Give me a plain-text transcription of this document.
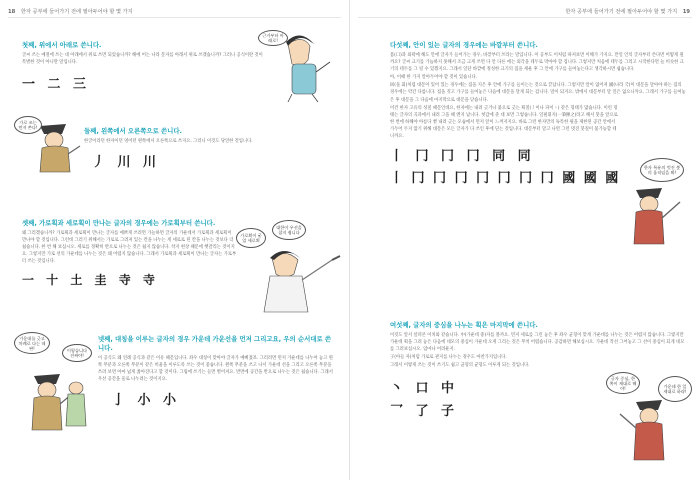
18 한자 공부에 들어가기 전에 필아두어야 할 몇 가지
첫째, 위에서 아래로 쓴니다.
글씨 쓰는 예절에 쓰는 대 아래에서 위로 쓰면 되었습니까? 해에 어는 나라 문자를 아래서 위로 쓰겠습니까? 그러니 공식이란 것이 특별한 것이 아니란 말입니다.
一 二 三
근거부터 아래로!
가로 쓰는 먼저 쓴다!	둘째, 왼쪽에서 오른쪽으로 쓴니다.
한글이라던 한자이던 영어던 왼쪽에서 오른쪽으로 쓰지요. 그러니 이것도 당연한 것입니다.
丿 川 川
셋째, 가로획과 세로획이 만나는 글자의 경우에는 가로획부터 쓴니다.
왜 그러겠습니까? 가로획과 세로획이 만나는 글자를 예쁘게 쓰려면 가늘하면 글자의 가운데서 가로획과 세로획이 만나야 할 것입니다. 그런데 그러기 위해서는 가로로 그려져 있는 칸을 나누는 게 세로로 된 칸을 나누는 것보다 더 쉽습니다. 한 번 해 보십시오. 세로를 정확히 반으로 나누는 것은 쉽지 않습니다. 착지 현상 때문에 헷갈리는 것이지요. 그렇지만 가로 선의 가운데를 나누는 것은 꽤 어렵지 않습니다. 그래서 가로획과 세로획이 만나는 글자는 가로부터 쓰는 것입니다.
一 十 土 圭 寺 寺
가로획이 굳었 세로획
대한이 우선을 잡지 쉽니다
가운데를 긋고 차례로 다는 데판!	이렇습니다 진짜야!
넷째, 대칭을 이루는 글자의 경우 가운데 가운선을 먼저 그리고요, 우의 순서대로 쓴니다.
이 공식도 왜 연례 공식과 같은 이유 때문입니다. 좌우 대칭이 맞아야 글자가 예뻐졌죠. 그러려면 먼저 가운데를 나누어 놓고 왼쪽 무분과 오른쪽 무분이 같은 비율을 이루도록 쓰는 것이 좋습니다. 왼쪽 무분을 쓰고 나서 가운데 선을 그리고 오른쪽 무분을 쓰려 보면 아마 넓게 좁아진다고 할 것이다. 그림에 쓰기는 들면 별어져요. 반면에 공간을 반으로 나누는 것은 쉽습니다. 그래서 우선 공간을 둘로 나누려는 것이지요.
亅 小 小
한자 공부에 들어가기 전에 필아두어야 할 몇 가지 19
다섯째, 안이 있는 글자의 경우에는 바깥부터 쓴니다.
몸(口)과 외곽에 해도 안에 글자가 들어가는 경우, 바깥부터 쓰라는 말입니다. 이 공부도 이처럼 따져보면 이해가 가지요. 만일 안의 글자부터 쓴다면 어떻게 될까요? 글씨 크기를 가늠하지 못해서 조금 크게 쓰면 다 안 다른 에는 외각을 테두로 막아야 할 겁니다. 그렇지만 처음에 테두를 그리고 시작한다면 늘 비슷한 크기의 테두를 그 릴 수 있겠지요. 그래서 일단 바깥에 정성한 크기의 집을 세운 후 그 안에 가구를 들여놓는다고 생각하시면 쉽습니다.
아, 이때 한 가지 알아두어야 할 것이 있습니다.
回(돌 회)처럼 대문이 있어 있는 경우에는 집을 지은 후 안에 가구를 들이는는 것으로 끝납니다. 그렇지만 앞이 없어져 國(나라 국)이 대문을 달아야 하는 집의 경우에는 약간 다릅니다. 집을 짓고 가구를 들여놓은 다음에 대문을 달게 되는 겁니다. 말이 되지요. 밖에서 대문부터 달 일은 없으니까요. 그래서 가구를 들여놓은 후 대문을 그 다음에 마지막으로 대문을 닫습니다.
이건 한자 고유의 성질 때문인데요, 한자에는 내려 긋거나 붙으로 긋는 획칠(丿이나 파이丶) 같은 형태가 많습니다. 이런 형태는 글자의 곡과에서 내려 그을 때 엔지 납니다. 첫감에 준 대 보면 그렇습니다. 일필휘지(一筆揮之)라고 해서 붓을 앞으로 한 번에 하해야 아름다 뻗 내려 긋는 모습에서 먼저 앞이 느껴지지요. 바로 그런 한자만의 독특한 필을 제한된 공간 안에서 가두어 두지 않기 위해 대문은 모든 글자가 다 쓰인 후에 단는 것입니다. 대문부터 달고 나면 그런 멋진 붓질이 불가능할 테니까요.
丨 冂 冂 冂 同 同
丨 冂 冂 冂 冂 冂 冂 冂 國 國 國
한자 특유의 멋진 붓의 움직임을 봐!
여섯째, 글자의 중심을 나누는 획은 마지막에 쓴니다.
이것도 앞서 살펴본 이치와 같습니다. 中(가운데 중)자를 볼까요. 먼저 세로를 그린 놓은 후 좌우 균형이 맞게 가운데를 나누는 것은 어렵지 않습니다. 그렇지만 가운데 획을 그려 놓은 다음에 네모의 중심이 가운데 오게 그리는 것은 무척 어렵습니다. 공감하면 해보십시오. 가운데 작선 그어놓고 그 선이 중심이 되게 네모를 그려보십시오. 엄마나 어려운지.
子(아들 자)처럼 가로로 관지를 나누는 경우도 마찬가지입니다.
그래서 이렇게 쓰는 것이 쓰기도 쉽고 균형의 균형도 이루게 되는 것입니다.
丶 口 中
乛 了 子
글자 중심, 한 쪽이 제대로 해야!	가운데 한 일 제대로 하랴!
